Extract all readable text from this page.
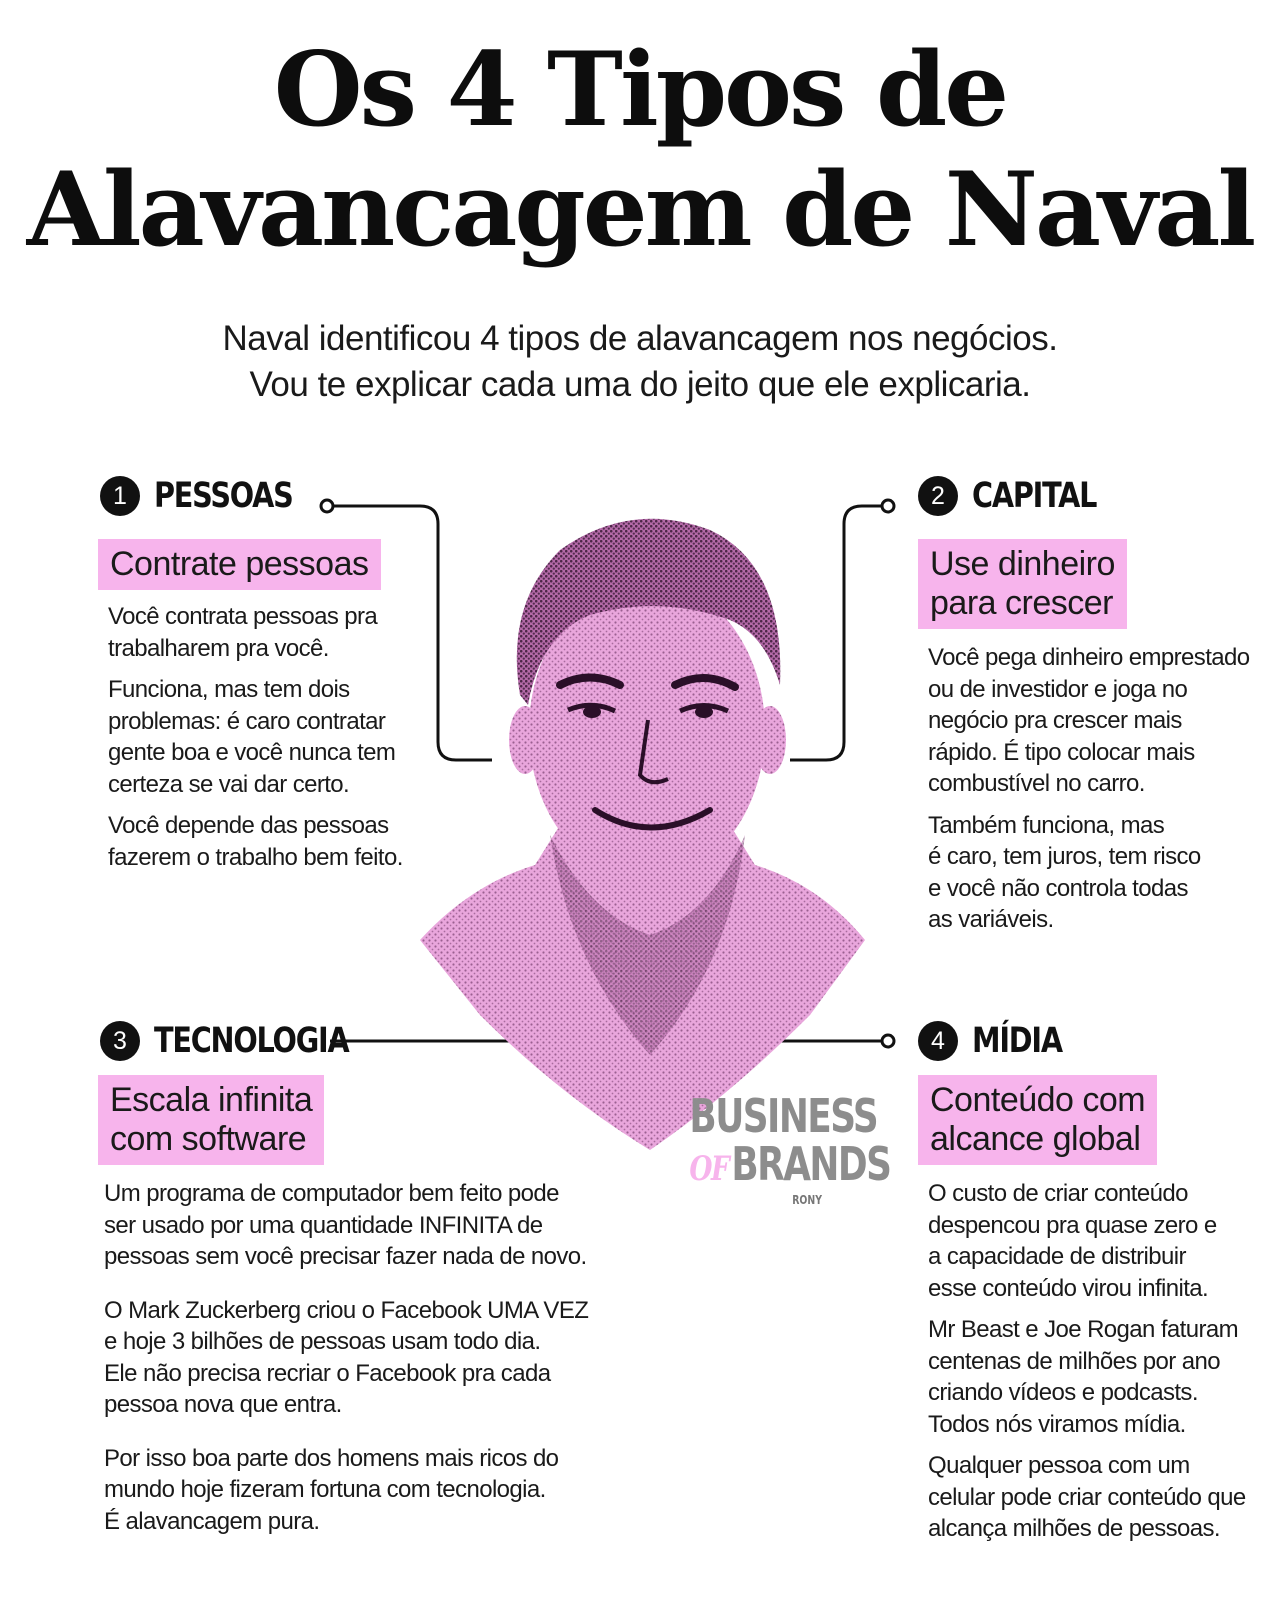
Os 4 Tipos de
Alavancagem de Naval
Naval identificou 4 tipos de alavancagem nos negócios.
Vou te explicar cada uma do jeito que ele explicaria.
BUSINESS
OFBRANDS
RONY
1 PESSOAS
Contrate pessoas

Você contrata pessoas pra
trabalharem pra você.

Funciona, mas tem dois
problemas: é caro contratar
gente boa e você nunca tem
certeza se vai dar certo.

Você depende das pessoas
fazerem o trabalho bem feito.

2 CAPITAL
Use dinheiro
para crescer

Você pega dinheiro emprestado
ou de investidor e joga no
negócio pra crescer mais
rápido. É tipo colocar mais
combustível no carro.

Também funciona, mas
é caro, tem juros, tem risco
e você não controla todas
as variáveis.

3 TECNOLOGIA
Escala infinita
com software

Um programa de computador bem feito pode
ser usado por uma quantidade INFINITA de
pessoas sem você precisar fazer nada de novo.

O Mark Zuckerberg criou o Facebook UMA VEZ
e hoje 3 bilhões de pessoas usam todo dia.
Ele não precisa recriar o Facebook pra cada
pessoa nova que entra.

Por isso boa parte dos homens mais ricos do
mundo hoje fizeram fortuna com tecnologia.
É alavancagem pura.

4 MÍDIA
Conteúdo com
alcance global

O custo de criar conteúdo
despencou pra quase zero e
a capacidade de distribuir
esse conteúdo virou infinita.

Mr Beast e Joe Rogan faturam
centenas de milhões por ano
criando vídeos e podcasts.
Todos nós viramos mídia.

Qualquer pessoa com um
celular pode criar conteúdo que
alcança milhões de pessoas.
